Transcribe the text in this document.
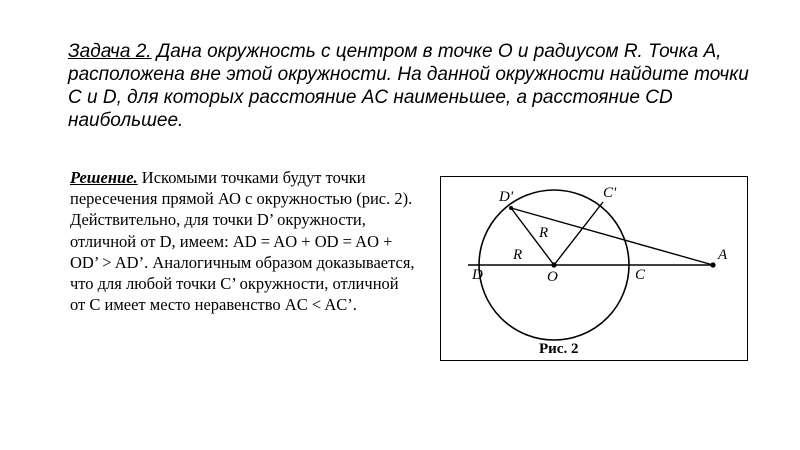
Задача 2. Дана окружность с центром в точке О и радиусом R. Точка A, расположена вне этой окружности. На данной окружности найдите точки C и D, для которых расстояние AC наименьшее, а расстояние CD наибольшее.
Решение. Искомыми точками будут точки пересечения прямой АО с окружностью (рис. 2). Действительно, для точки D’ окружности, отличной от D, имеем: AD = AO + OD = AO + OD’ > AD’. Аналогичным образом доказывается, что для любой точки С’ окружности, отличной от С имеет место неравенство AC < AC’.
D'	C'
R
R
D	O	C
A
Рис. 2
